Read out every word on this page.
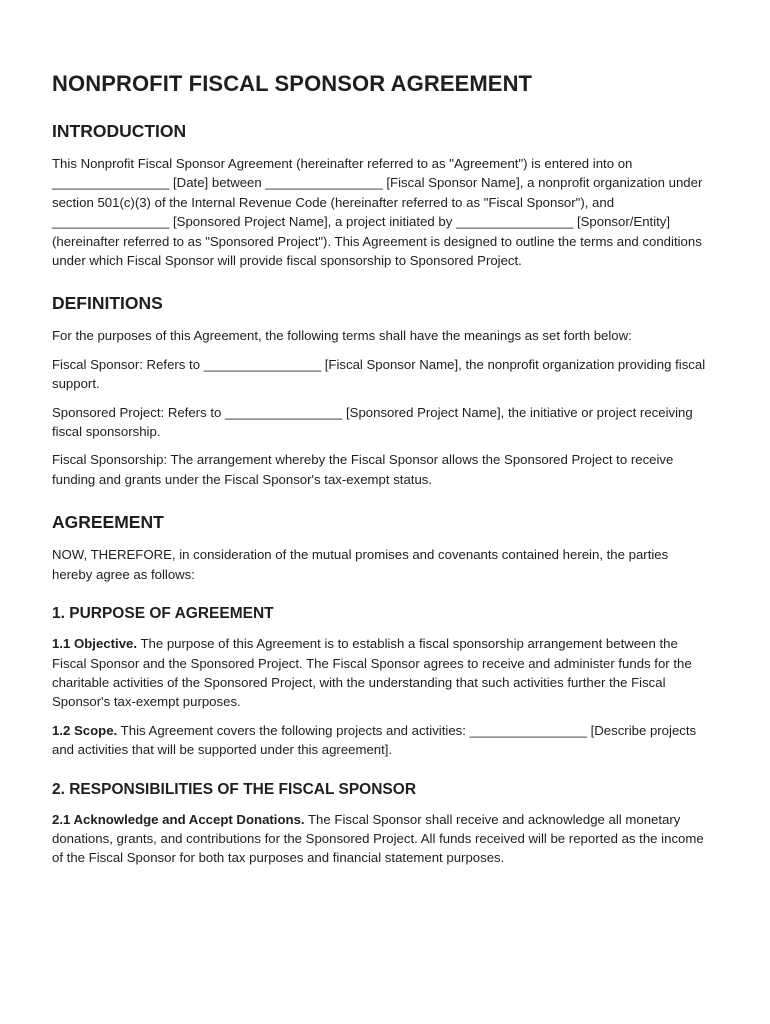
NONPROFIT FISCAL SPONSOR AGREEMENT
INTRODUCTION

This Nonprofit Fiscal Sponsor Agreement (hereinafter referred to as "Agreement") is entered into on ________________ [Date] between ________________ [Fiscal Sponsor Name], a nonprofit organization under section 501(c)(3) of the Internal Revenue Code (hereinafter referred to as "Fiscal Sponsor"), and ________________ [Sponsored Project Name], a project initiated by ________________ [Sponsor/Entity] (hereinafter referred to as "Sponsored Project"). This Agreement is designed to outline the terms and conditions under which Fiscal Sponsor will provide fiscal sponsorship to Sponsored Project.

DEFINITIONS

For the purposes of this Agreement, the following terms shall have the meanings as set forth below:

Fiscal Sponsor: Refers to ________________ [Fiscal Sponsor Name], the nonprofit organization providing fiscal support.

Sponsored Project: Refers to ________________ [Sponsored Project Name], the initiative or project receiving fiscal sponsorship.

Fiscal Sponsorship: The arrangement whereby the Fiscal Sponsor allows the Sponsored Project to receive funding and grants under the Fiscal Sponsor's tax-exempt status.

AGREEMENT

NOW, THEREFORE, in consideration of the mutual promises and covenants contained herein, the parties hereby agree as follows:

1. PURPOSE OF AGREEMENT

1.1 Objective. The purpose of this Agreement is to establish a fiscal sponsorship arrangement between the Fiscal Sponsor and the Sponsored Project. The Fiscal Sponsor agrees to receive and administer funds for the charitable activities of the Sponsored Project, with the understanding that such activities further the Fiscal Sponsor's tax-exempt purposes.

1.2 Scope. This Agreement covers the following projects and activities: ________________ [Describe projects and activities that will be supported under this agreement].

2. RESPONSIBILITIES OF THE FISCAL SPONSOR

2.1 Acknowledge and Accept Donations. The Fiscal Sponsor shall receive and acknowledge all monetary donations, grants, and contributions for the Sponsored Project. All funds received will be reported as the income of the Fiscal Sponsor for both tax purposes and financial statement purposes.
